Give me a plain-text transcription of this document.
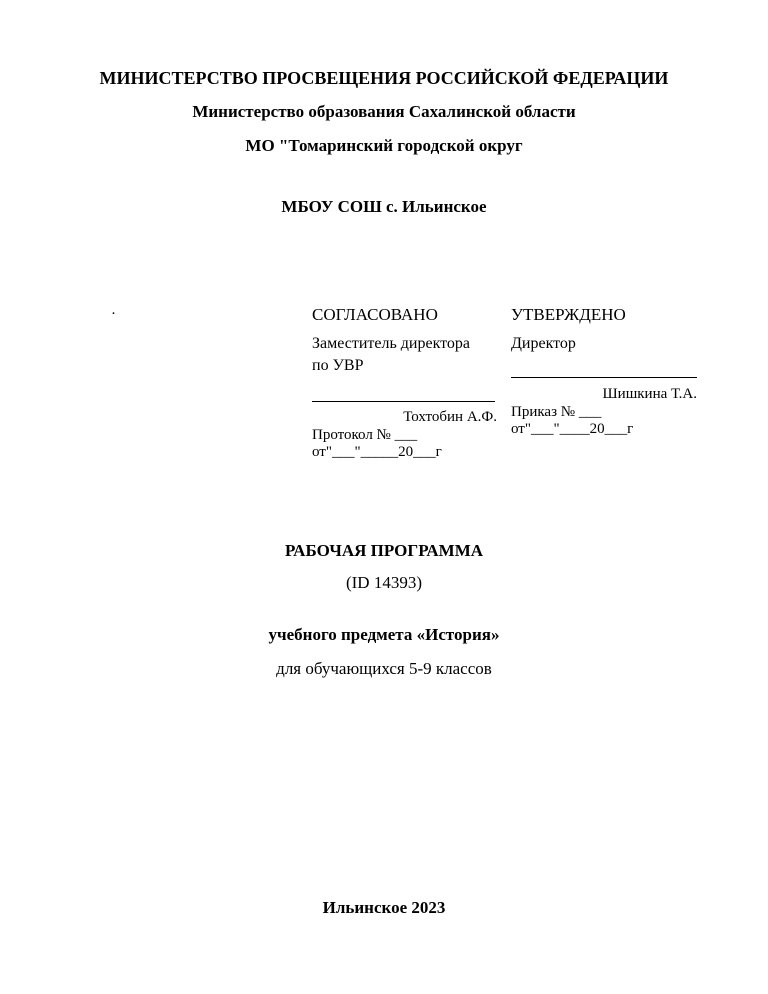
МИНИСТЕРСТВО ПРОСВЕЩЕНИЯ РОССИЙСКОЙ ФЕДЕРАЦИИ
Министерство образования Сахалинской области
МО "Томаринский городской округ
МБОУ СОШ с. Ильинское
·	СОГЛАСОВАНО
Заместитель директора
по УВР
Тохтобин А.Ф.
Протокол № ___
от"___"_____20___г
УТВЕРЖДЕНО
Директор
Шишкина Т.А.
Приказ № ___
от"___"____20___г
РАБОЧАЯ ПРОГРАММА
(ID 14393)
учебного предмета «История»
для обучающихся 5-9 классов
Ильинское 2023
